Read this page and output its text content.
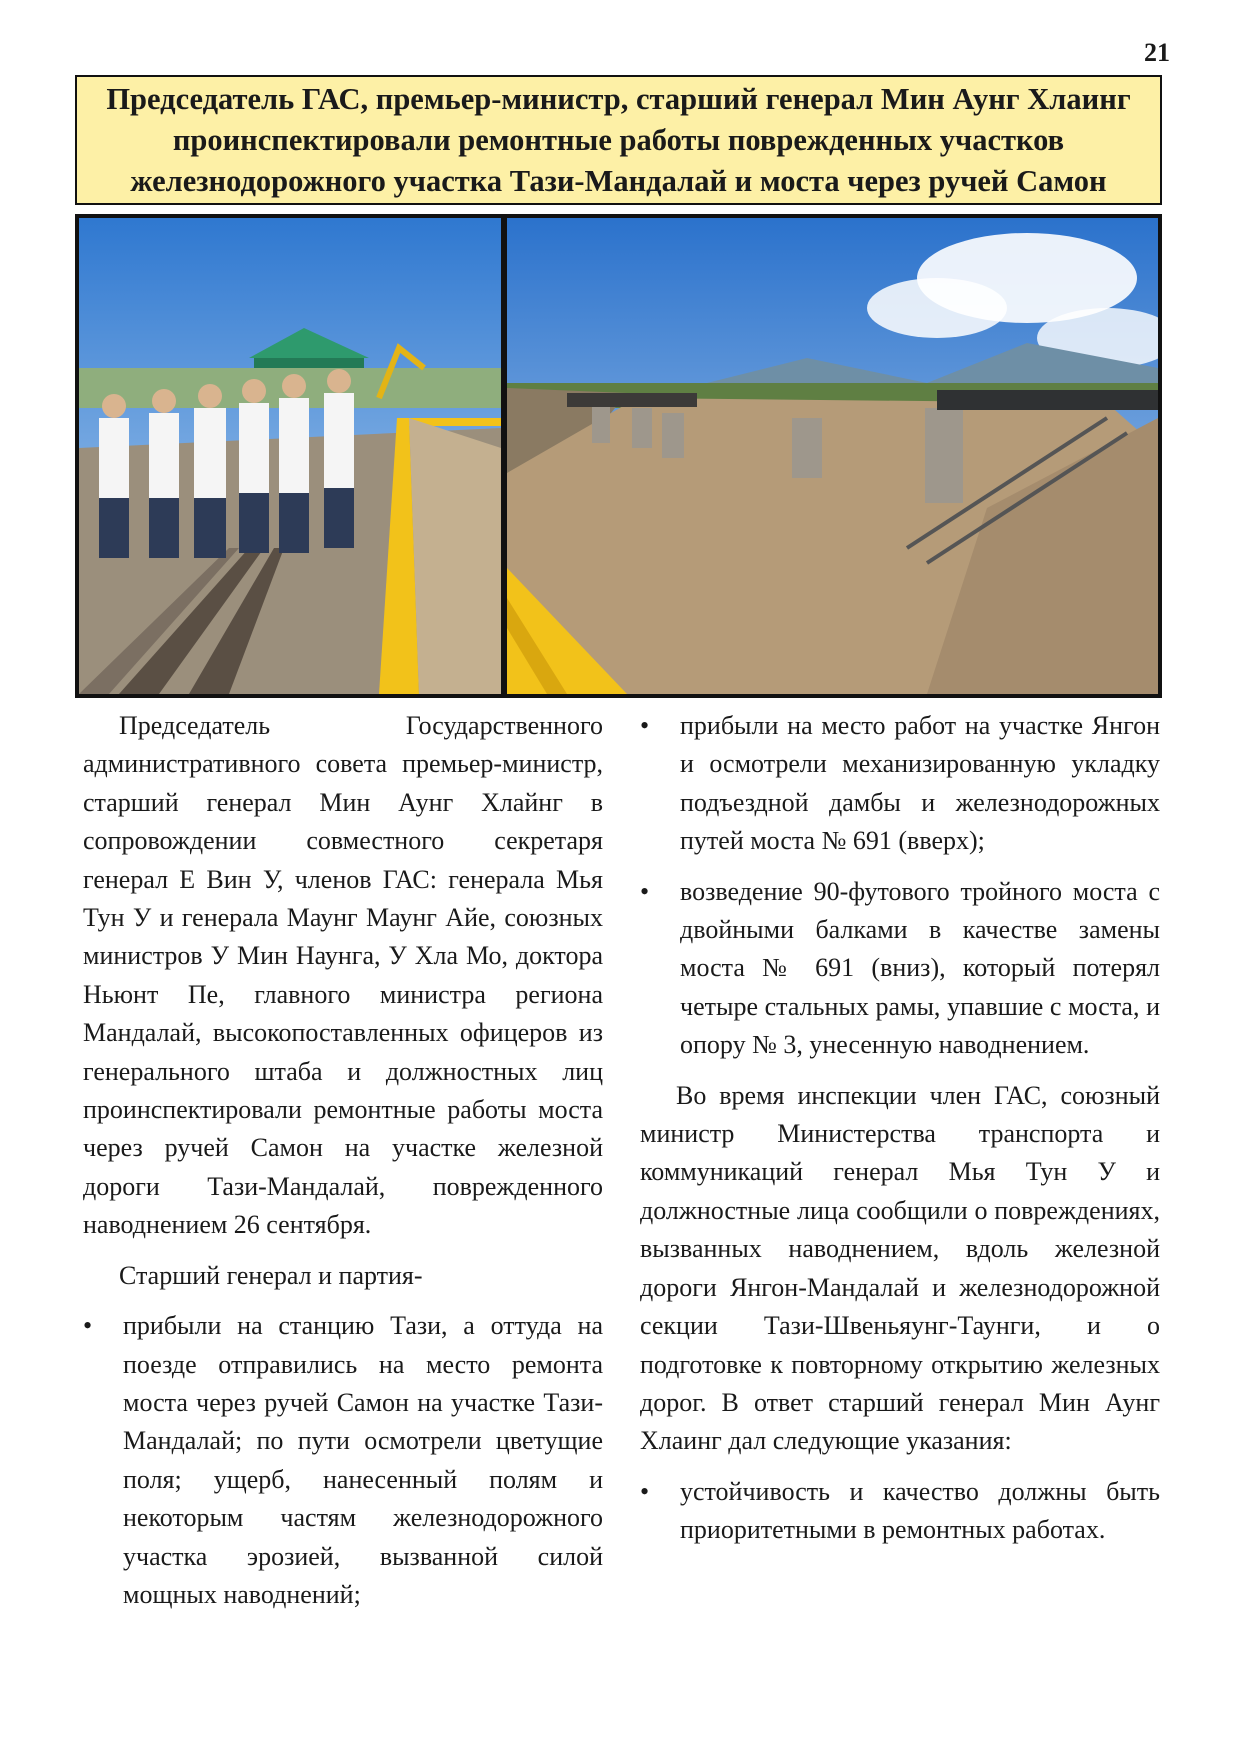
21
Председатель ГАС, премьер-министр, старший генерал Мин Аунг Хлаинг проинспектировали ремонтные работы поврежденных участков железнодорожного участка Тази-Мандалай и моста через ручей Самон

Председатель Государственного административного совета премьер-министр, старший генерал Мин Аунг Хлайнг в сопровождении совместного секретаря генерал Е Вин У, членов ГАС: генерала Мья Тун У и генерала Маунг Маунг Айе, союзных министров У Мин Наунга, У Хла Мо, доктора Ньюнт Пе, главного министра региона Мандалай, высокопоставленных офицеров из генерального штаба и должностных лиц проинспектировали ремонтные работы моста через ручей Самон на участке железной дороги Тази-Мандалай, поврежденного наводнением 26 сентября.

Старший генерал и партия-

• прибыли на станцию Тази, а оттуда на поезде отправились на место ремонта моста через ручей Самон на участке Тази-Мандалай; по пути осмотрели цветущие поля; ущерб, нанесенный полям и некоторым частям железнодорожного участка эрозией, вызванной силой мощных наводнений;
• прибыли на место работ на участке Янгон и осмотрели механизированную укладку подъездной дамбы и железнодорожных путей моста № 691 (вверх);
• возведение 90-футового тройного моста с двойными балками в качестве замены моста № 691 (вниз), который потерял четыре стальных рамы, упавшие с моста, и опору № 3, унесенную наводнением.

Во время инспекции член ГАС, союзный министр Министерства транспорта и коммуникаций генерал Мья Тун У и должностные лица сообщили о повреждениях, вызванных наводнением, вдоль железной дороги Янгон-Мандалай и железнодорожной секции Тази-Швеньяунг-Таунги, и о подготовке к повторному открытию железных дорог. В ответ старший генерал Мин Аунг Хлаинг дал следующие указания:

• устойчивость и качество должны быть приоритетными в ремонтных работах.
